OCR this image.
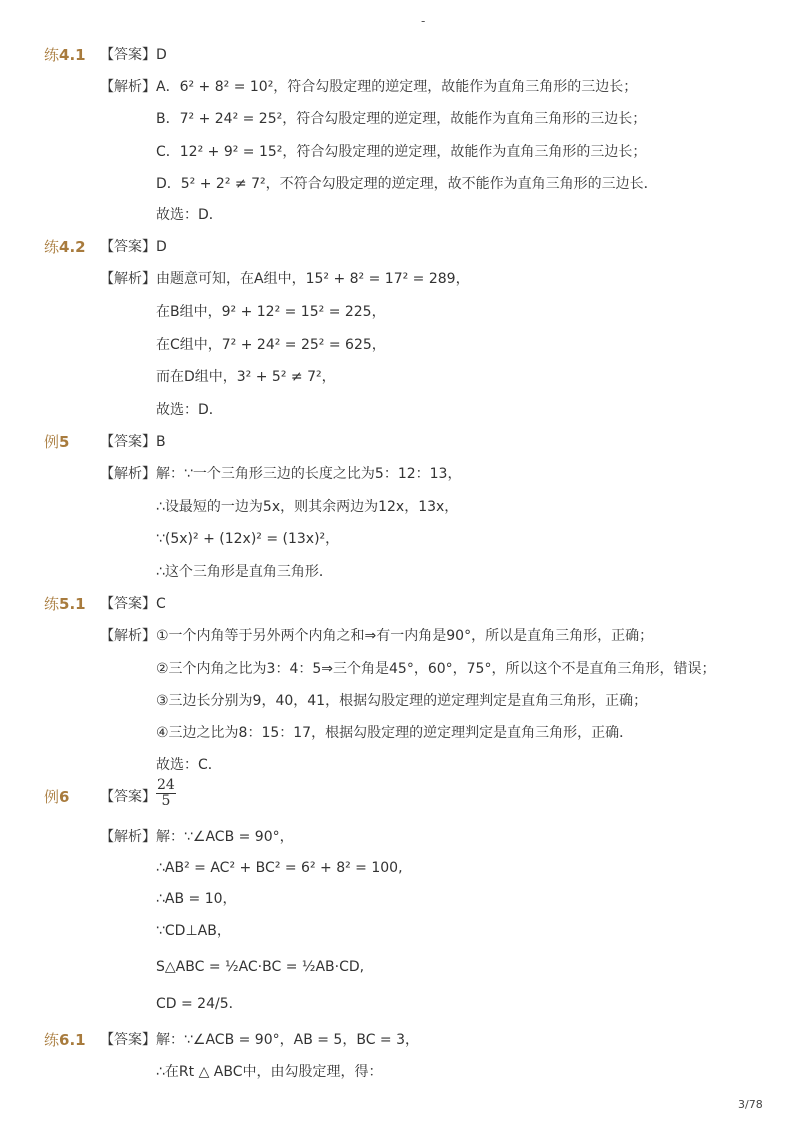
-
练4.1 【答案】 D
【解析】 A．6² + 8² = 10²，符合勾股定理的逆定理，故能作为直角三角形的三边长；
B．7² + 24² = 25²，符合勾股定理的逆定理，故能作为直角三角形的三边长；
C．12² + 9² = 15²，符合勾股定理的逆定理，故能作为直角三角形的三边长；
D．5² + 2² ≠ 7²，不符合勾股定理的逆定理，故不能作为直角三角形的三边长．
故选：D．
练4.2 【答案】 D
【解析】 由题意可知，在A组中，15² + 8² = 17² = 289，
在B组中，9² + 12² = 15² = 225，
在C组中，7² + 24² = 25² = 625，
而在D组中，3² + 5² ≠ 7²，
故选：D．
例5 【答案】 B
【解析】 解：∵一个三角形三边的长度之比为5：12：13，
∴设最短的一边为5x，则其余两边为12x，13x，
∵(5x)² + (12x)² = (13x)²，
∴这个三角形是直角三角形．
练5.1 【答案】 C
【解析】 ①一个内角等于另外两个内角之和⇒有一内角是90°，所以是直角三角形，正确；
②三个内角之比为3：4：5⇒三个角是45°，60°，75°，所以这个不是直角三角形，错误；
③三边长分别为9，40，41，根据勾股定理的逆定理判定是直角三角形，正确；
④三边之比为8：15：17，根据勾股定理的逆定理判定是直角三角形，正确．
故选：C．
例6 【答案】 $\frac{24}{5}$
【解析】 解：∵∠ACB = 90°，
∴AB² = AC² + BC² = 6² + 8² = 100,
∴AB = 10，
∵CD⊥AB，
S△ABC = ½AC·BC = ½AB·CD,
CD = 24/5．
练6.1 【答案】 解：∵∠ACB = 90°，AB = 5，BC = 3，
∴在Rt △ ABC中，由勾股定理，得：
3/78
